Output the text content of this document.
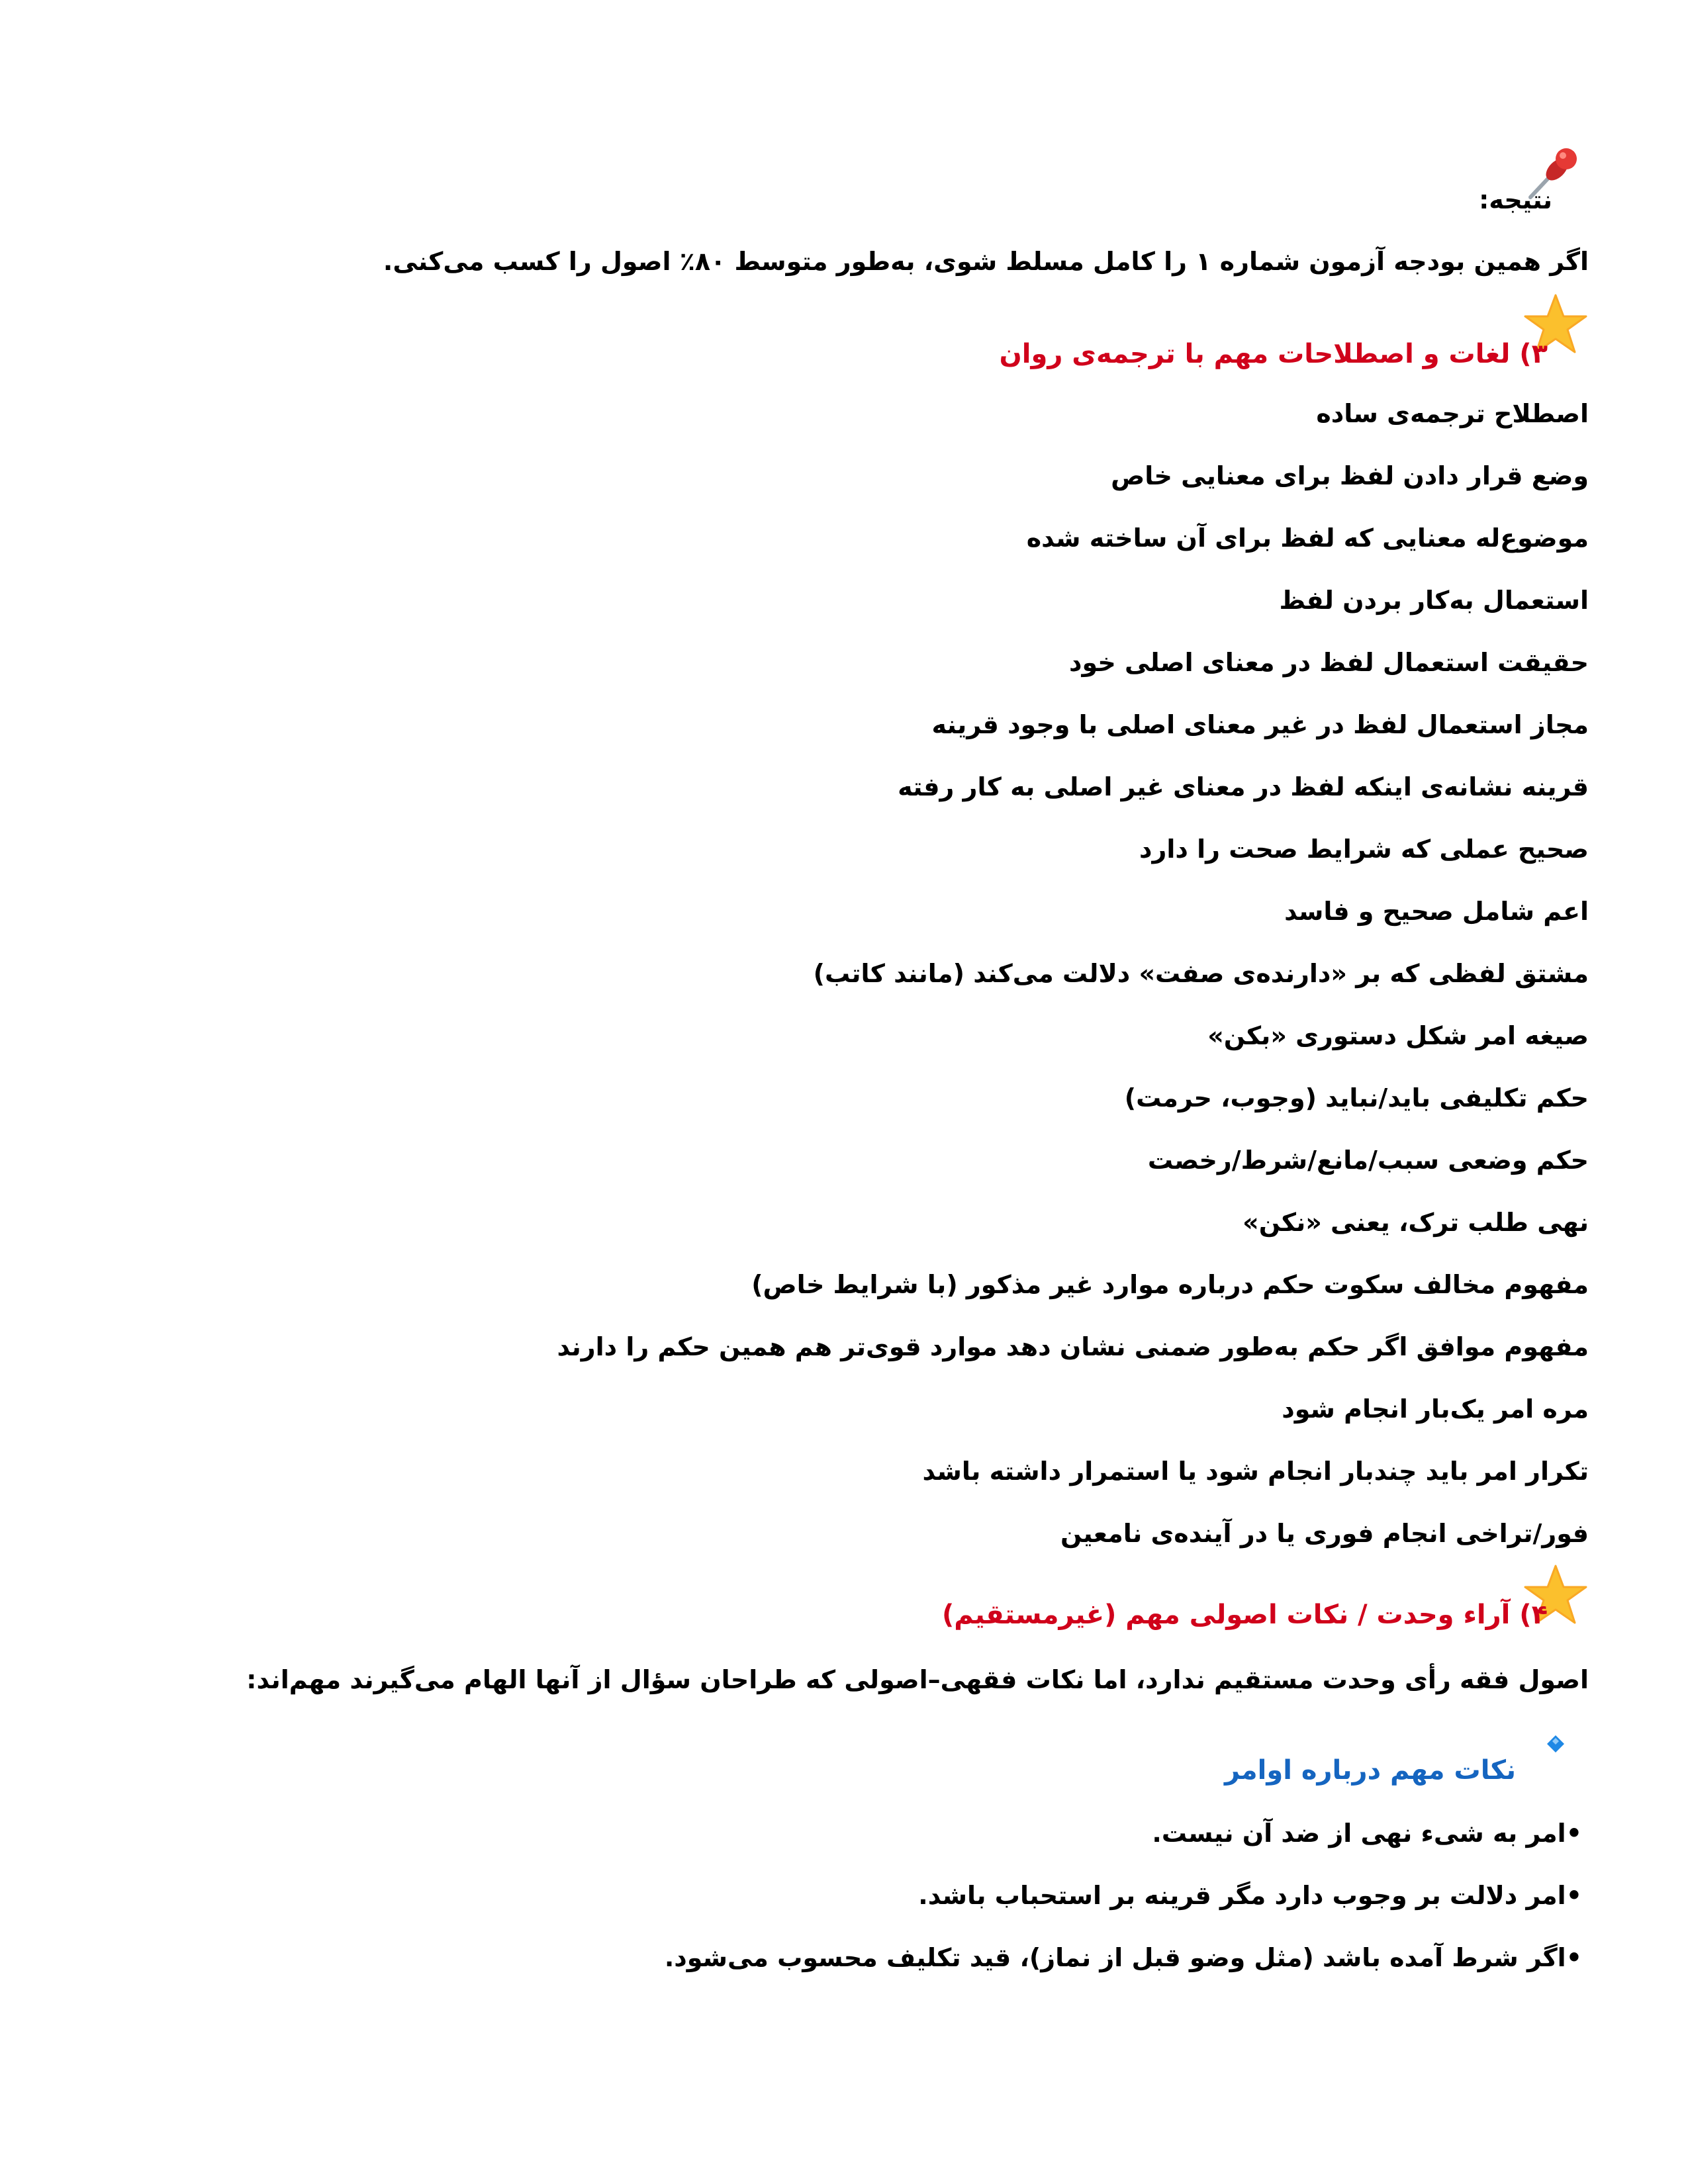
نتیجه:
اگر همین بودجه آزمون شماره ۱ را کامل مسلط شوی، به‌طور متوسط ۸۰٪ اصول را کسب می‌کنی.
۳) لغات و اصطلاحات مهم با ترجمه‌ی روان
اصطلاح ترجمه‌ی ساده
وضع قرار دادن لفظ برای معنایی خاص
موضوع‌له معنایی که لفظ برای آن ساخته شده
استعمال به‌کار بردن لفظ
حقیقت استعمال لفظ در معنای اصلی خود
مجاز استعمال لفظ در غیر معنای اصلی با وجود قرینه
قرینه نشانه‌ی اینکه لفظ در معنای غیر اصلی به کار رفته
صحیح عملی که شرایط صحت را دارد
اعم شامل صحیح و فاسد
مشتق لفظی که بر «دارنده‌ی صفت» دلالت می‌کند (مانند کاتب)
صیغه امر شکل دستوری «بکن»
حکم تکلیفی باید/نباید (وجوب، حرمت)
حکم وضعی سبب/مانع/شرط/رخصت
نهی طلب ترک، یعنی «نکن»
مفهوم مخالف سکوت حکم درباره موارد غیر مذکور (با شرایط خاص)
مفهوم موافق اگر حکم به‌طور ضمنی نشان دهد موارد قوی‌تر هم همین حکم را دارند
مره امر یک‌بار انجام شود
تکرار امر باید چندبار انجام شود یا استمرار داشته باشد
فور/تراخی انجام فوری یا در آینده‌ی نامعین
۴) آراء وحدت / نکات اصولی مهم (غیرمستقیم)
اصول فقه رأی وحدت مستقیم ندارد، اما نکات فقهی–اصولی که طراحان سؤال از آنها الهام می‌گیرند مهم‌اند:
نکات مهم درباره اوامر
•امر به شیء نهی از ضد آن نیست.
•امر دلالت بر وجوب دارد مگر قرینه بر استحباب باشد.
•اگر شرط آمده باشد (مثل وضو قبل از نماز)، قید تکلیف محسوب می‌شود.
